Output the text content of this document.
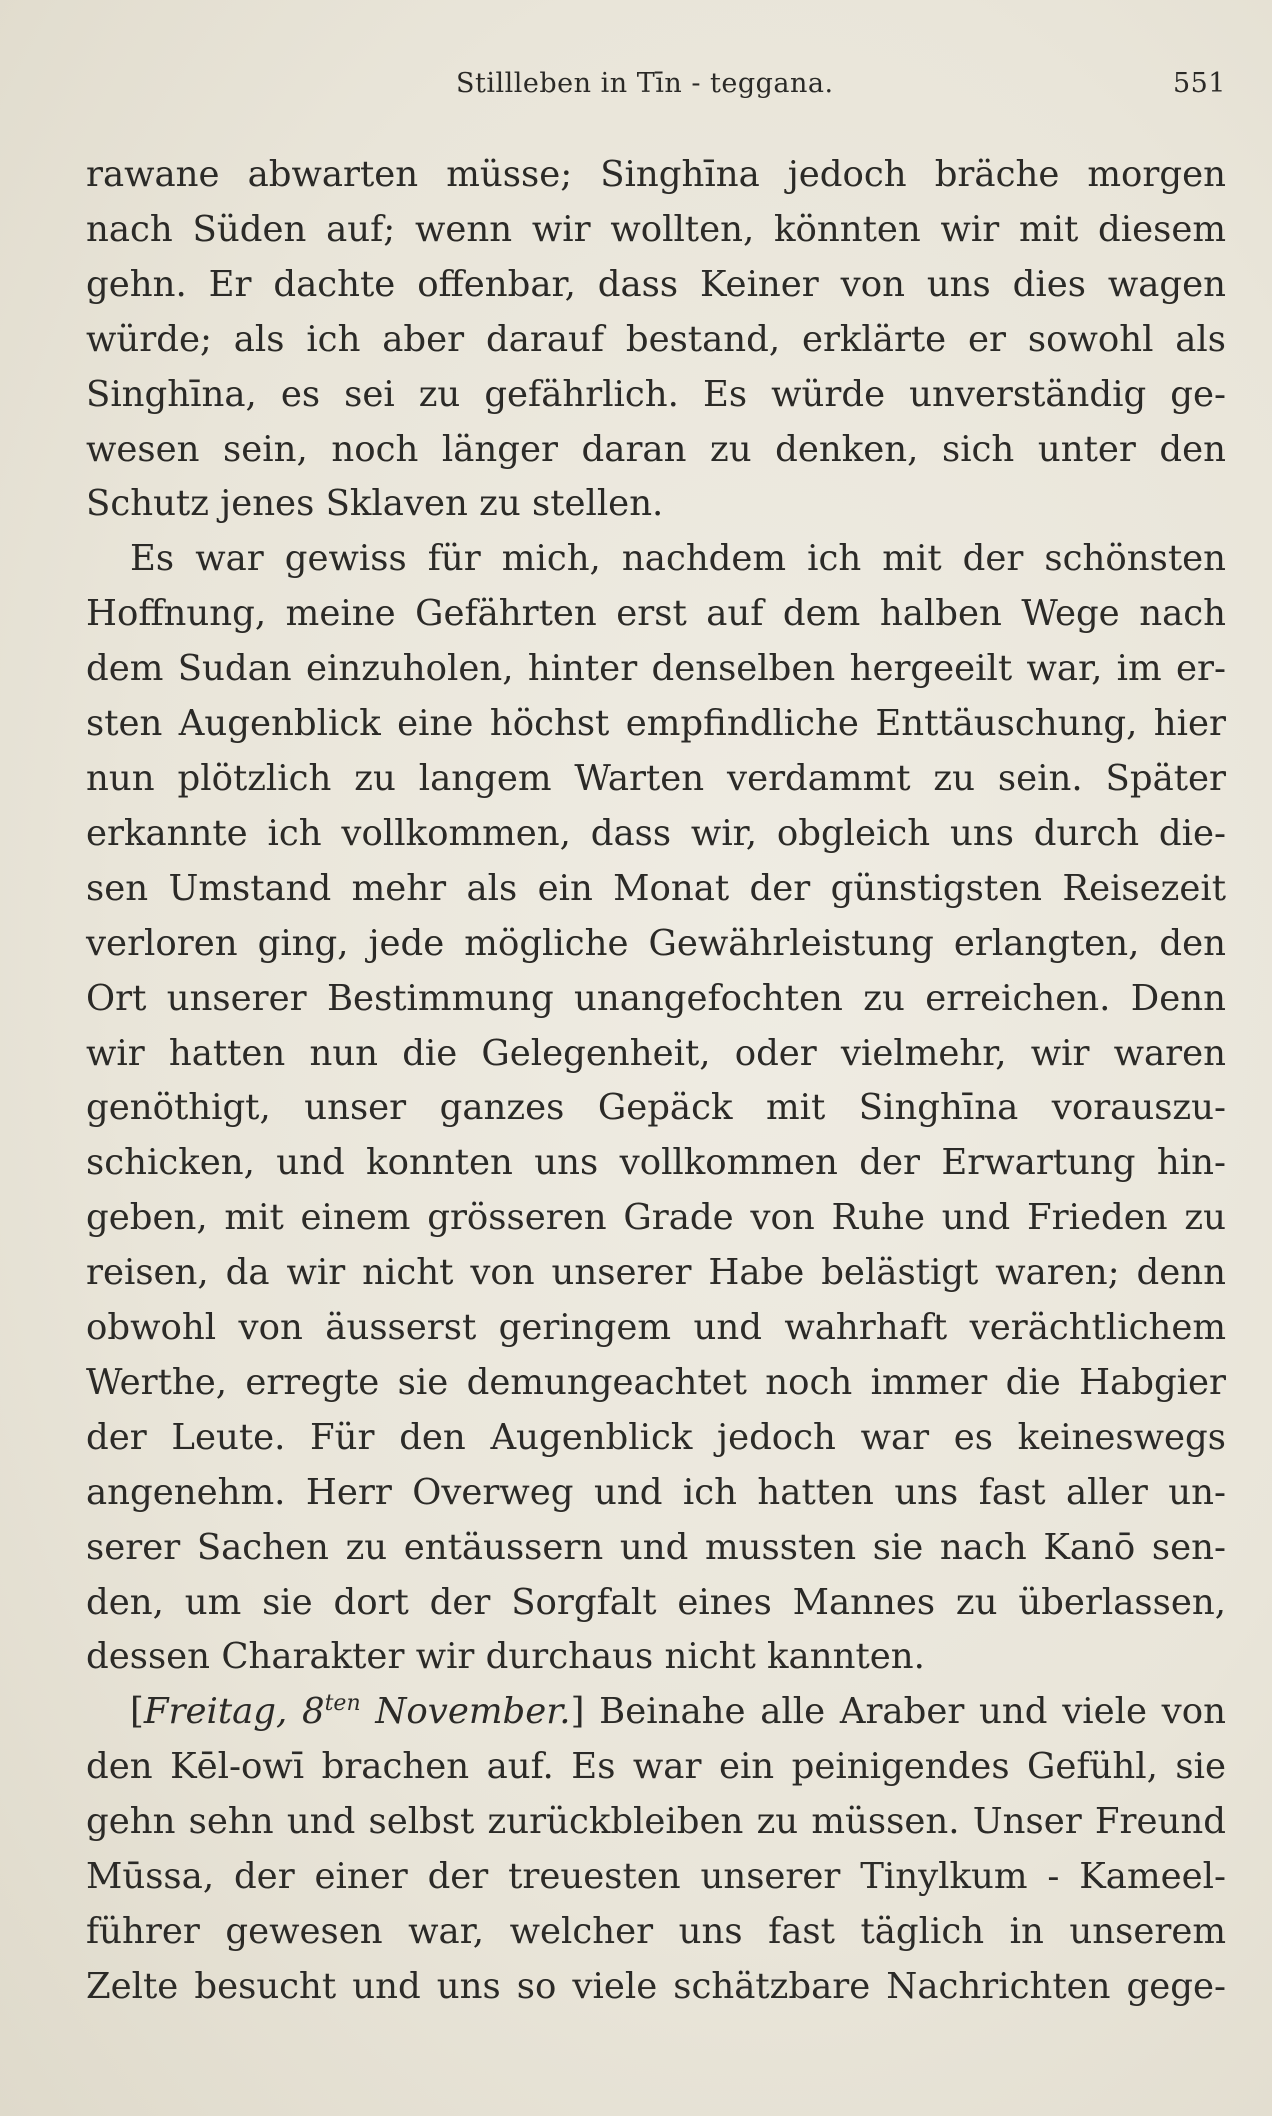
Stillleben in Tīn - teggana.	551

rawane abwarten müsse; Singhīna jedoch bräche morgen
nach Süden auf; wenn wir wollten, könnten wir mit diesem
gehn. Er dachte offenbar, dass Keiner von uns dies wagen
würde; als ich aber darauf bestand, erklärte er sowohl als
Singhīna, es sei zu gefährlich. Es würde unverständig ge-
wesen sein, noch länger daran zu denken, sich unter den
Schutz jenes Sklaven zu stellen.

Es war gewiss für mich, nachdem ich mit der schönsten
Hoffnung, meine Gefährten erst auf dem halben Wege nach
dem Sudan einzuholen, hinter denselben hergeeilt war, im er-
sten Augenblick eine höchst empfindliche Enttäuschung, hier
nun plötzlich zu langem Warten verdammt zu sein. Später
erkannte ich vollkommen, dass wir, obgleich uns durch die-
sen Umstand mehr als ein Monat der günstigsten Reisezeit
verloren ging, jede mögliche Gewährleistung erlangten, den
Ort unserer Bestimmung unangefochten zu erreichen. Denn
wir hatten nun die Gelegenheit, oder vielmehr, wir waren
genöthigt, unser ganzes Gepäck mit Singhīna vorauszu-
schicken, und konnten uns vollkommen der Erwartung hin-
geben, mit einem grösseren Grade von Ruhe und Frieden zu
reisen, da wir nicht von unserer Habe belästigt waren; denn
obwohl von äusserst geringem und wahrhaft verächtlichem
Werthe, erregte sie demungeachtet noch immer die Habgier
der Leute. Für den Augenblick jedoch war es keineswegs
angenehm. Herr Overweg und ich hatten uns fast aller un-
serer Sachen zu entäussern und mussten sie nach Kanō sen-
den, um sie dort der Sorgfalt eines Mannes zu überlassen,
dessen Charakter wir durchaus nicht kannten.

[Freitag, $8^{ten}$ November.] Beinahe alle Araber und viele von
den Kēl-owī brachen auf. Es war ein peinigendes Gefühl, sie
gehn sehn und selbst zurückbleiben zu müssen. Unser Freund
Mūssa, der einer der treuesten unserer Tinylkum - Kameel-
führer gewesen war, welcher uns fast täglich in unserem
Zelte besucht und uns so viele schätzbare Nachrichten gege-
